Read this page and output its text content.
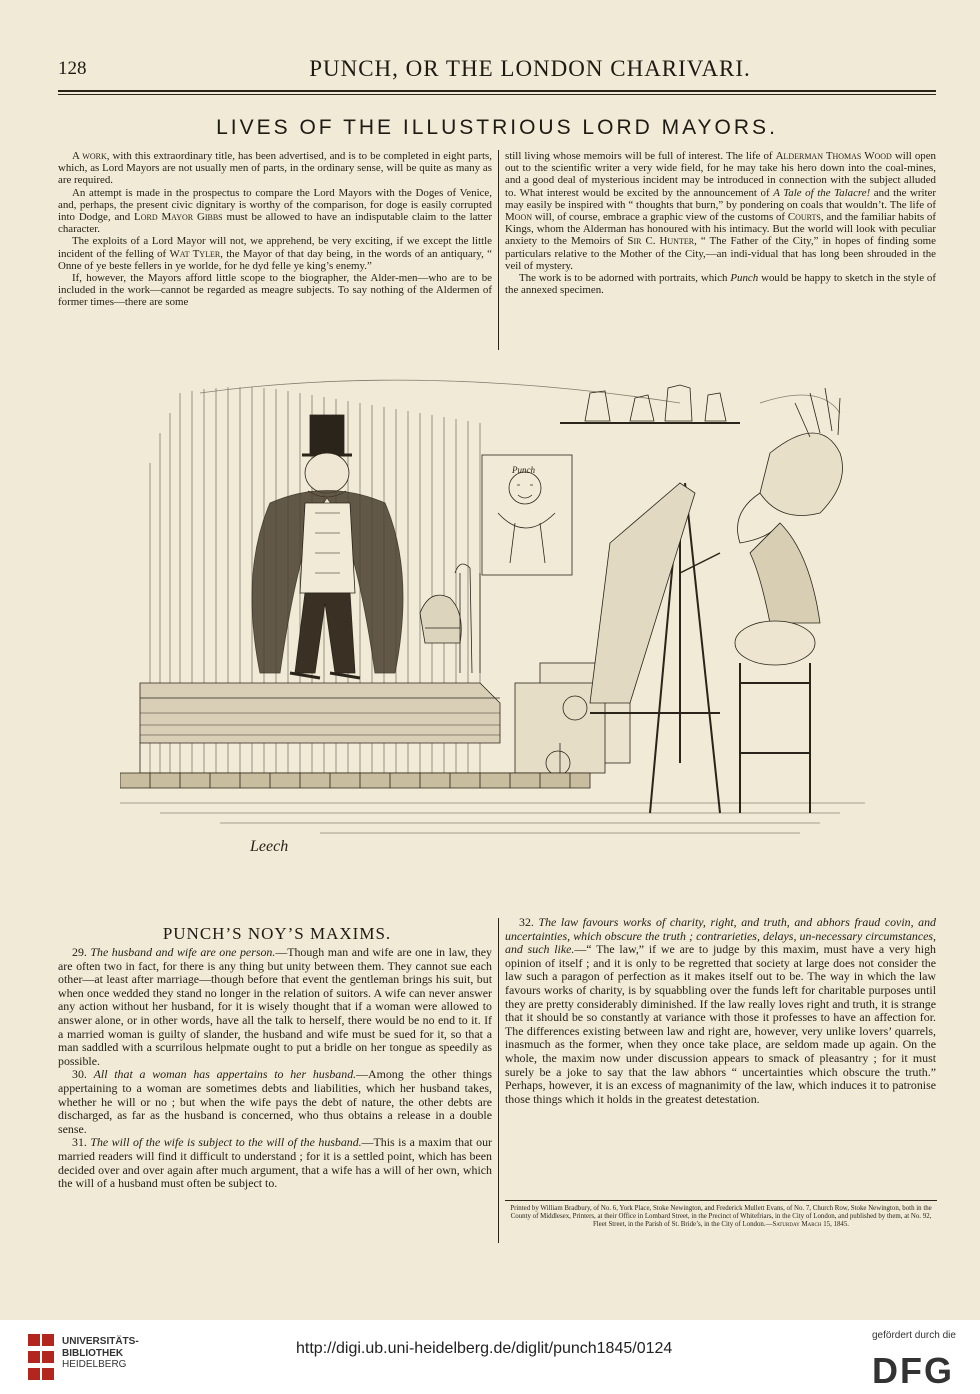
128	PUNCH, OR THE LONDON CHARIVARI.
LIVES OF THE ILLUSTRIOUS LORD MAYORS.

A work, with this extraordinary title, has been advertised, and is to be completed in eight parts, which, as Lord Mayors are not usually men of parts, in the ordinary sense, will be quite as many as are required.

An attempt is made in the prospectus to compare the Lord Mayors with the Doges of Venice, and, perhaps, the present civic dignitary is worthy of the comparison, for doge is easily corrupted into Dodge, and Lord Mayor Gibbs must be allowed to have an indisputable claim to the latter character.

The exploits of a Lord Mayor will not, we apprehend, be very exciting, if we except the little incident of the felling of Wat Tyler, the Mayor of that day being, in the words of an antiquary, “ Onne of ye beste fellers in ye worlde, for he dyd felle ye king’s enemy.”

If, however, the Mayors afford little scope to the biographer, the Alder-men—who are to be included in the work—cannot be regarded as meagre subjects. To say nothing of the Aldermen of former times—there are some

still living whose memoirs will be full of interest. The life of Alderman Thomas Wood will open out to the scientific writer a very wide field, for he may take his hero down into the coal-mines, and a good deal of mysterious incident may be introduced in connection with the subject alluded to. What interest would be excited by the announcement of A Tale of the Talacre! and the writer may easily be inspired with “ thoughts that burn,” by pondering on coals that wouldn’t. The life of Moon will, of course, embrace a graphic view of the customs of Courts, and the familiar habits of Kings, whom the Alderman has honoured with his intimacy. But the world will look with peculiar anxiety to the Memoirs of Sir C. Hunter, “ The Father of the City,” in hopes of finding some particulars relative to the Mother of the City,—an indi-vidual that has long been shrouded in the veil of mystery.

The work is to be adorned with portraits, which Punch would be happy to sketch in the style of the annexed specimen.

Leech
Punch
PUNCH’S NOY’S MAXIMS.

29. The husband and wife are one person.—Though man and wife are one in law, they are often two in fact, for there is any thing but unity between them. They cannot sue each other—at least after marriage—though before that event the gentleman brings his suit, but when once wedded they stand no longer in the relation of suitors. A wife can never answer any action without her husband, for it is wisely thought that if a woman were allowed to answer alone, or in other words, have all the talk to herself, there would be no end to it. If a married woman is guilty of slander, the husband and wife must be sued for it, so that a man saddled with a scurrilous helpmate ought to put a bridle on her tongue as speedily as possible.

30. All that a woman has appertains to her husband.—Among the other things appertaining to a woman are sometimes debts and liabilities, which her husband takes, whether he will or no ; but when the wife pays the debt of nature, the other debts are discharged, as far as the husband is concerned, who thus obtains a release in a double sense.

31. The will of the wife is subject to the will of the husband.—This is a maxim that our married readers will find it difficult to understand ; for it is a settled point, which has been decided over and over again after much argument, that a wife has a will of her own, which the will of a husband must often be subject to.

32. The law favours works of charity, right, and truth, and abhors fraud covin, and uncertainties, which obscure the truth ; contrarieties, delays, un-necessary circumstances, and such like.—“ The law,” if we are to judge by this maxim, must have a very high opinion of itself ; and it is only to be regretted that society at large does not consider the law such a paragon of perfection as it makes itself out to be. The way in which the law favours works of charity, is by squabbling over the funds left for charitable purposes until they are pretty considerably diminished. If the law really loves right and truth, it is strange that it should be so constantly at variance with those it professes to have an affection for. The differences existing between law and right are, however, very unlike lovers’ quarrels, inasmuch as the former, when they once take place, are seldom made up again. On the whole, the maxim now under discussion appears to smack of pleasantry ; for it must surely be a joke to say that the law abhors “ uncertainties which obscure the truth.” Perhaps, however, it is an excess of magnanimity of the law, which induces it to patronise those things which it holds in the greatest detestation.

Printed by William Bradbury, of No. 6, York Place, Stoke Newington, and Frederick Mullett Evans, of No. 7, Church Row, Stoke Newington, both in the County of Middlesex, Printers, at their Office in Lombard Street, in the Precinct of Whitefriars, in the City of London, and published by them, at No. 92, Fleet Street, in the Parish of St. Bride’s, in the City of London.—Saturday March 15, 1845.
UNIVERSITÄTS-
BIBLIOTHEK
HEIDELBERG
http://digi.ub.uni-heidelberg.de/diglit/punch1845/0124
gefördert durch die
DFG
